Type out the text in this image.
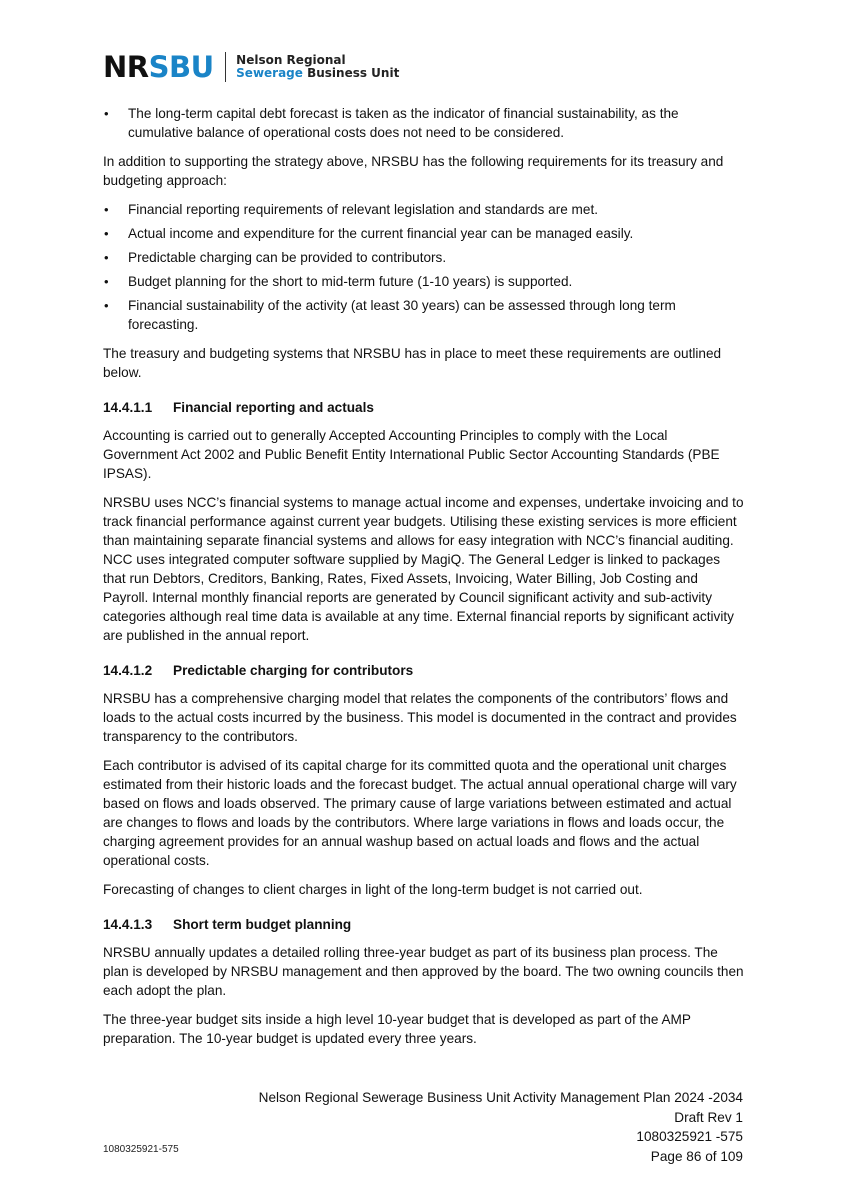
NRSBU Nelson Regional
Sewerage Business Unit
• The long-term capital debt forecast is taken as the indicator of financial sustainability, as the cumulative balance of operational costs does not need to be considered.

In addition to supporting the strategy above, NRSBU has the following requirements for its treasury and budgeting approach:

• Financial reporting requirements of relevant legislation and standards are met.
• Actual income and expenditure for the current financial year can be managed easily.
• Predictable charging can be provided to contributors.
• Budget planning for the short to mid-term future (1-10 years) is supported.
• Financial sustainability of the activity (at least 30 years) can be assessed through long term forecasting.

The treasury and budgeting systems that NRSBU has in place to meet these requirements are outlined below.

14.4.1.1	Financial reporting and actuals

Accounting is carried out to generally Accepted Accounting Principles to comply with the Local Government Act 2002 and Public Benefit Entity International Public Sector Accounting Standards (PBE IPSAS).

NRSBU uses NCC’s financial systems to manage actual income and expenses, undertake invoicing and to track financial performance against current year budgets. Utilising these existing services is more efficient than maintaining separate financial systems and allows for easy integration with NCC’s financial auditing. NCC uses integrated computer software supplied by MagiQ. The General Ledger is linked to packages that run Debtors, Creditors, Banking, Rates, Fixed Assets, Invoicing, Water Billing, Job Costing and Payroll. Internal monthly financial reports are generated by Council significant activity and sub-activity categories although real time data is available at any time. External financial reports by significant activity are published in the annual report.

14.4.1.2	Predictable charging for contributors

NRSBU has a comprehensive charging model that relates the components of the contributors’ flows and loads to the actual costs incurred by the business. This model is documented in the contract and provides transparency to the contributors.

Each contributor is advised of its capital charge for its committed quota and the operational unit charges estimated from their historic loads and the forecast budget. The actual annual operational charge will vary based on flows and loads observed. The primary cause of large variations between estimated and actual are changes to flows and loads by the contributors. Where large variations in flows and loads occur, the charging agreement provides for an annual washup based on actual loads and flows and the actual operational costs.

Forecasting of changes to client charges in light of the long-term budget is not carried out.

14.4.1.3	Short term budget planning

NRSBU annually updates a detailed rolling three-year budget as part of its business plan process. The plan is developed by NRSBU management and then approved by the board. The two owning councils then each adopt the plan.

The three-year budget sits inside a high level 10-year budget that is developed as part of the AMP preparation. The 10-year budget is updated every three years.

Nelson Regional Sewerage Business Unit Activity Management Plan 2024 -2034
Draft Rev 1
1080325921 -575
Page 86 of 109
1080325921-575
